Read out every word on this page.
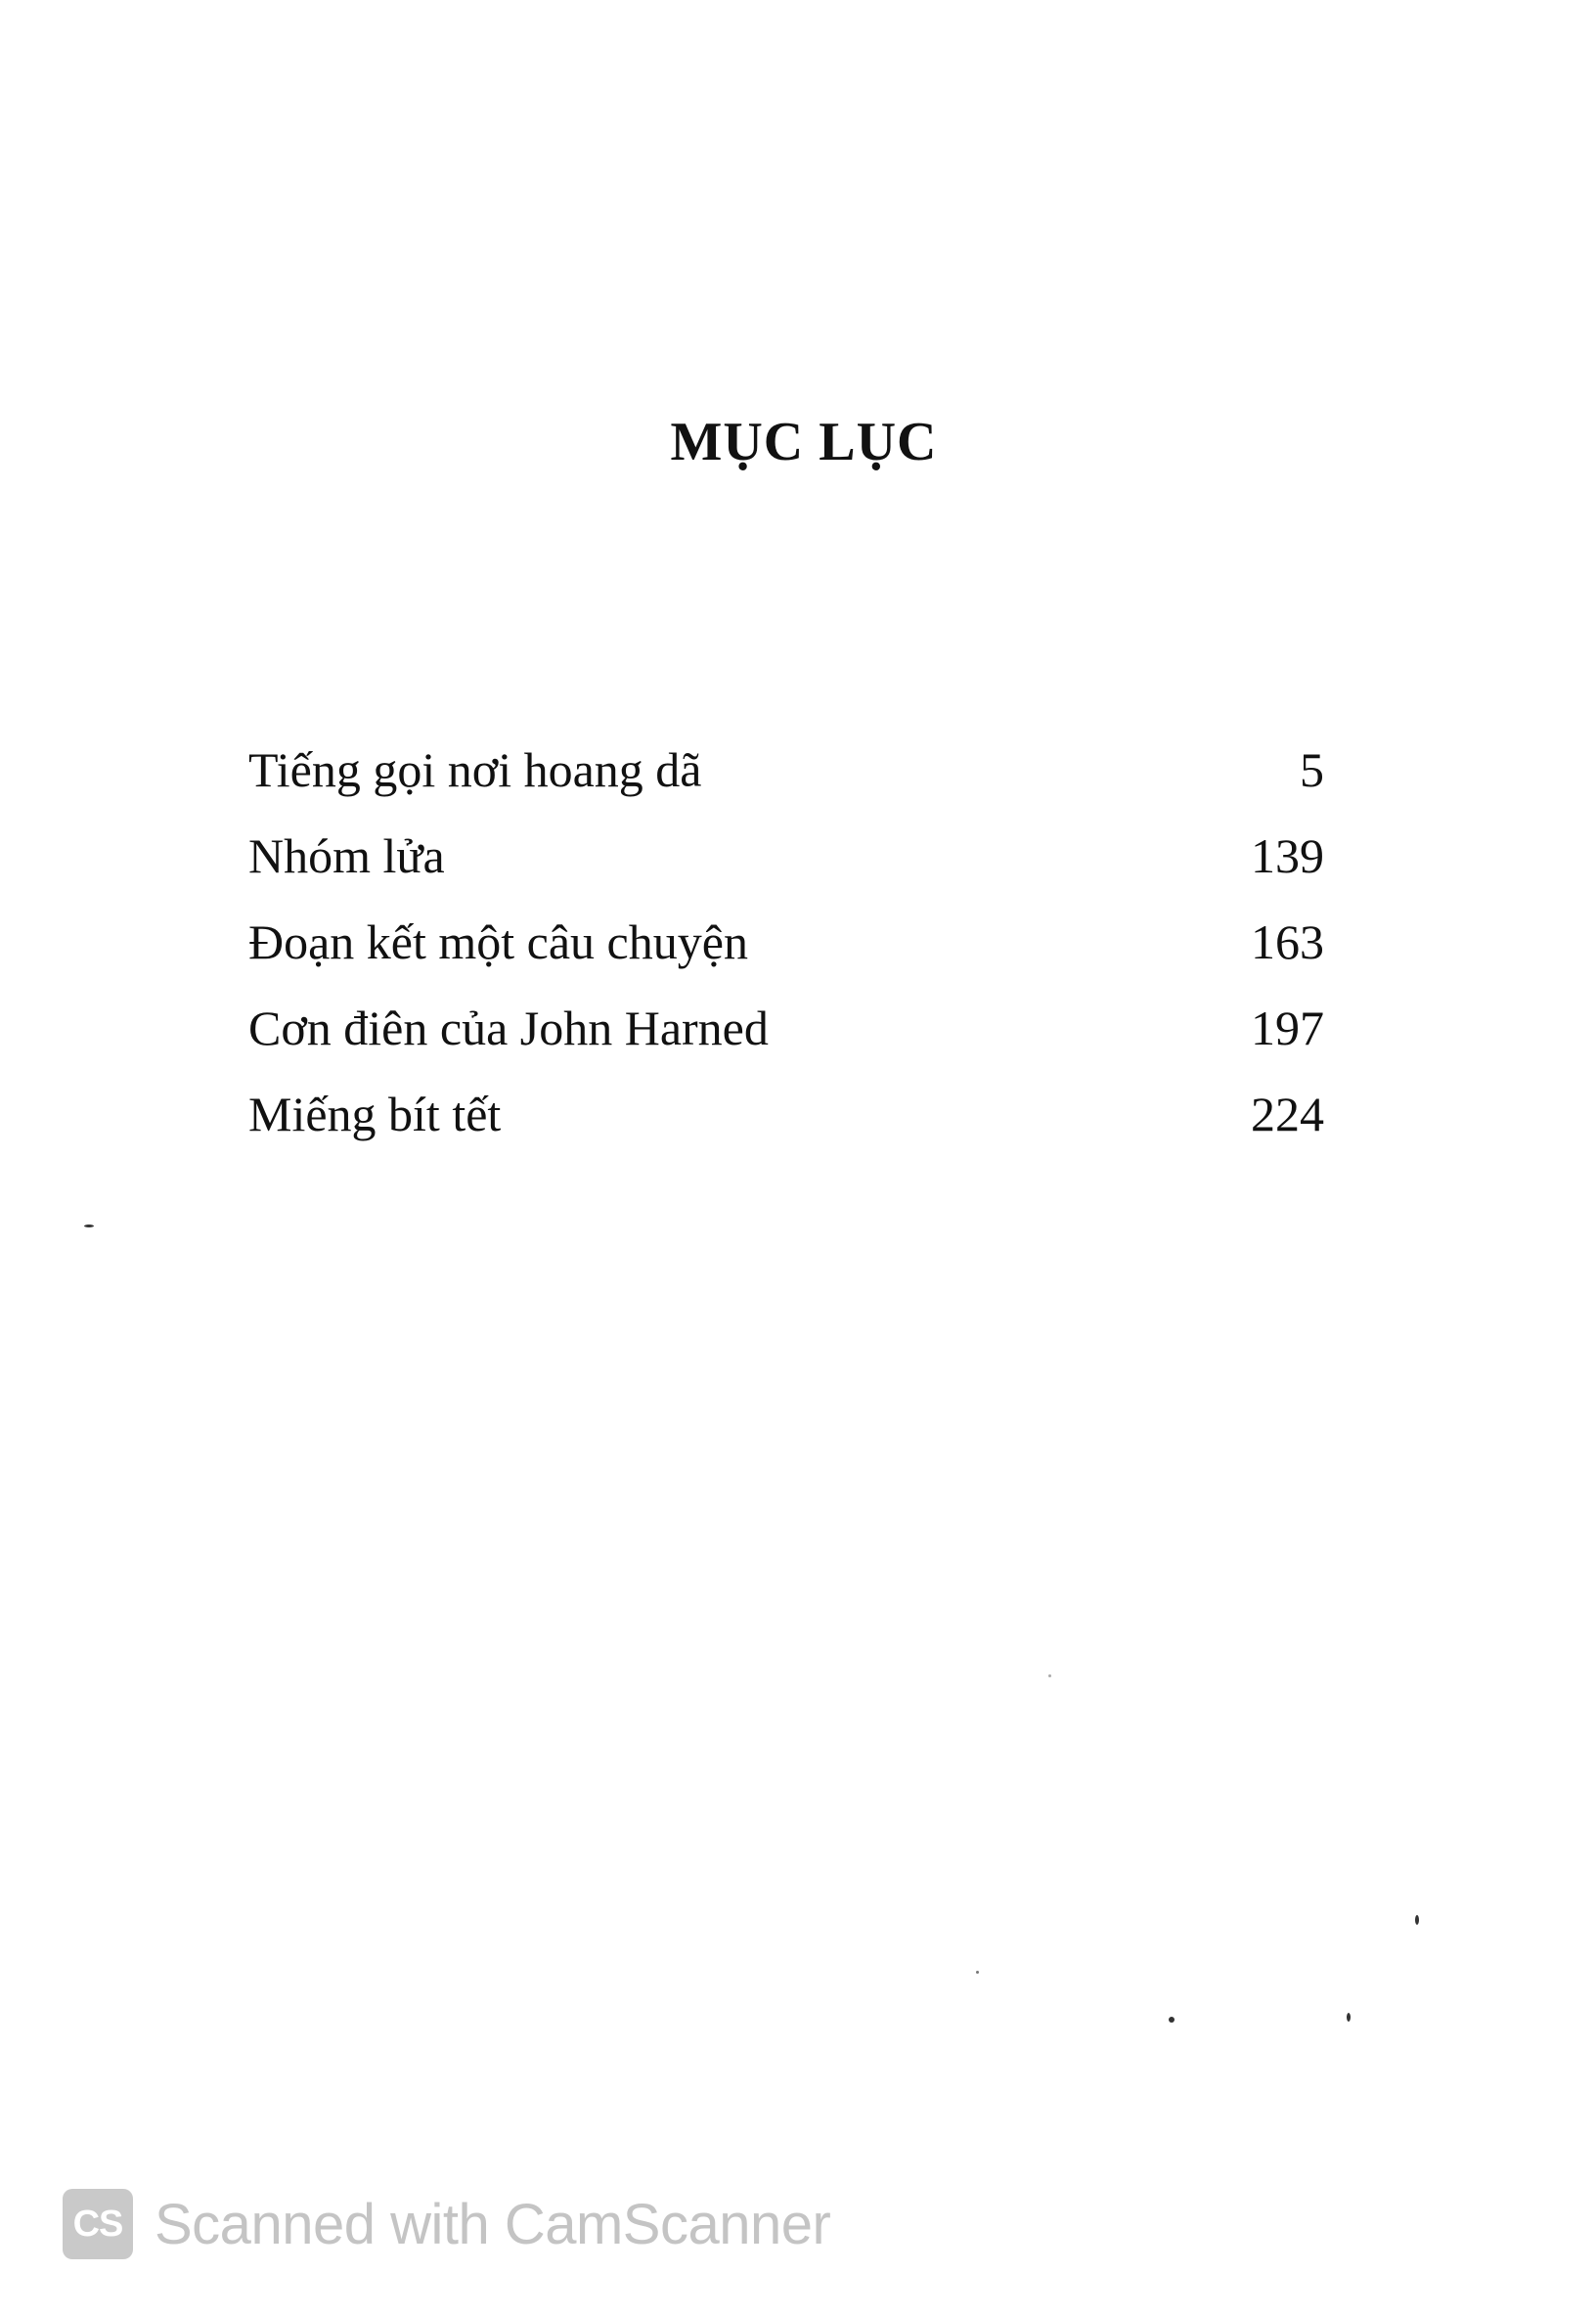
MỤC LỤC
Tiếng gọi nơi hoang dã	5
Nhóm lửa	139
Đoạn kết một câu chuyện	163
Cơn điên của John Harned	197
Miếng bít tết	224
CS Scanned with CamScanner
